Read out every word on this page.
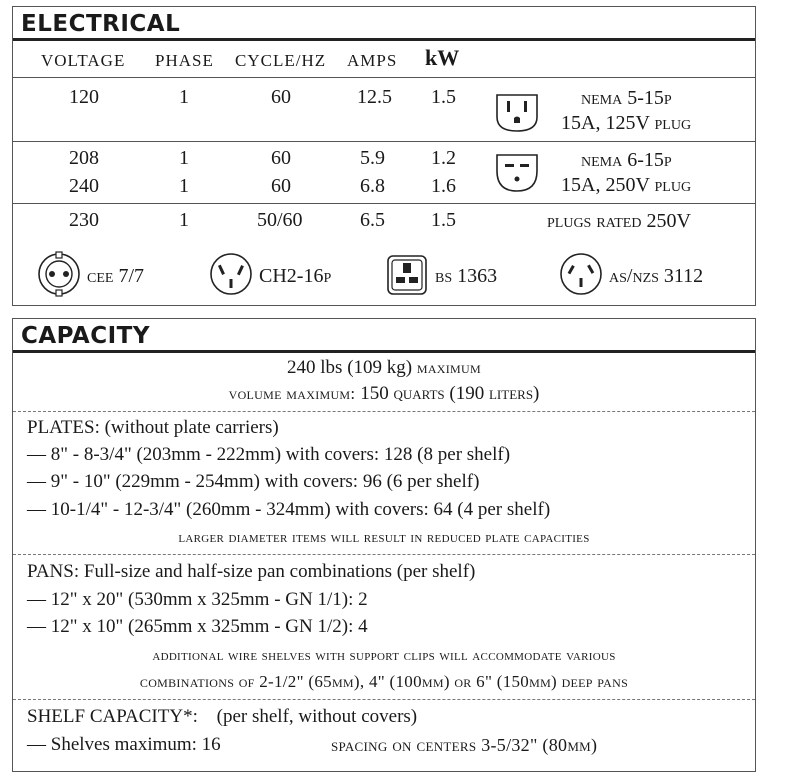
ELECTRICAL
VOLTAGE PHASE CYCLE/HZ AMPS kW
120	1	60	12.5 1.5	nema 5-15p
15A, 125V plug
208	1	60	5.9 1.2
240	1	60	6.8 1.6
nema 6-15p
15A, 250V plug
230	1	50/60	6.5 1.5	plugs rated 250V
cee 7/7	CH2-16p	bs 1363	as/nzs 3112
CAPACITY
240 lbs (109 kg) maximum
volume maximum: 150 quarts (190 liters)
PLATES: (without plate carriers)
— 8" - 8-3/4" (203mm - 222mm) with covers: 128 (8 per shelf)
— 9" - 10" (229mm - 254mm) with covers: 96 (6 per shelf)
— 10-1/4" - 12-3/4" (260mm - 324mm) with covers: 64 (4 per shelf)
larger diameter items will result in reduced plate capacities
PANS: Full-size and half-size pan combinations (per shelf)
— 12" x 20" (530mm x 325mm - GN 1/1): 2
— 12" x 10" (265mm x 325mm - GN 1/2): 4
additional wire shelves with support clips will accommodate various
combinations of 2-1/2" (65mm), 4" (100mm) or 6" (150mm) deep pans
SHELF CAPACITY*: (per shelf, without covers)
— Shelves maximum: 16	spacing on centers 3-5/32" (80mm)
